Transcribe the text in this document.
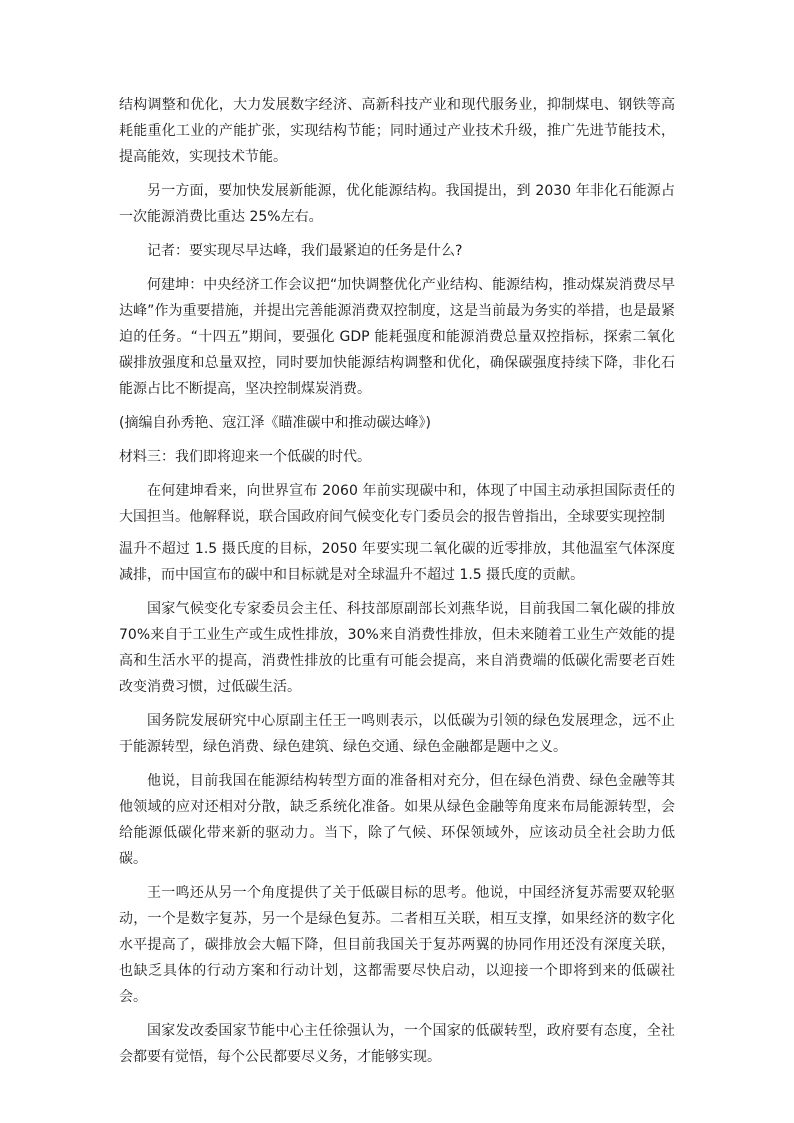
结构调整和优化，大力发展数字经济、高新科技产业和现代服务业，抑制煤电、钢铁等高耗能重化工业的产能扩张，实现结构节能；同时通过产业技术升级，推广先进节能技术，提高能效，实现技术节能。

另一方面，要加快发展新能源，优化能源结构。我国提出，到 2030 年非化石能源占一次能源消费比重达 25%左右。

记者：要实现尽早达峰，我们最紧迫的任务是什么?

何建坤：中央经济工作会议把“加快调整优化产业结构、能源结构，推动煤炭消费尽早达峰”作为重要措施，并提出完善能源消费双控制度，这是当前最为务实的举措，也是最紧迫的任务。“十四五”期间，要强化 GDP 能耗强度和能源消费总量双控指标，探索二氧化碳排放强度和总量双控，同时要加快能源结构调整和优化，确保碳强度持续下降，非化石能源占比不断提高，坚决控制煤炭消费。

(摘编自孙秀艳、寇江泽《瞄准碳中和推动碳达峰》)

材料三：我们即将迎来一个低碳的时代。

在何建坤看来，向世界宣布 2060 年前实现碳中和，体现了中国主动承担国际责任的大国担当。他解释说，联合国政府间气候变化专门委员会的报告曾指出，全球要实现控制

温升不超过 1.5 摄氏度的目标，2050 年要实现二氧化碳的近零排放，其他温室气体深度减排，而中国宣布的碳中和目标就是对全球温升不超过 1.5 摄氏度的贡献。

国家气候变化专家委员会主任、科技部原副部长刘燕华说，目前我国二氧化碳的排放 70%来自于工业生产或生成性排放，30%来自消费性排放，但未来随着工业生产效能的提高和生活水平的提高，消费性排放的比重有可能会提高，来自消费端的低碳化需要老百姓改变消费习惯，过低碳生活。

国务院发展研究中心原副主任王一鸣则表示，以低碳为引领的绿色发展理念，远不止于能源转型，绿色消费、绿色建筑、绿色交通、绿色金融都是题中之义。

他说，目前我国在能源结构转型方面的准备相对充分，但在绿色消费、绿色金融等其他领域的应对还相对分散，缺乏系统化准备。如果从绿色金融等角度来布局能源转型，会给能源低碳化带来新的驱动力。当下，除了气候、环保领域外，应该动员全社会助力低碳。

王一鸣还从另一个角度提供了关于低碳目标的思考。他说，中国经济复苏需要双轮驱动，一个是数字复苏，另一个是绿色复苏。二者相互关联，相互支撑，如果经济的数字化水平提高了，碳排放会大幅下降，但目前我国关于复苏两翼的协同作用还没有深度关联，也缺乏具体的行动方案和行动计划，这都需要尽快启动，以迎接一个即将到来的低碳社会。

国家发改委国家节能中心主任徐强认为，一个国家的低碳转型，政府要有态度，全社会都要有觉悟，每个公民都要尽义务，才能够实现。
